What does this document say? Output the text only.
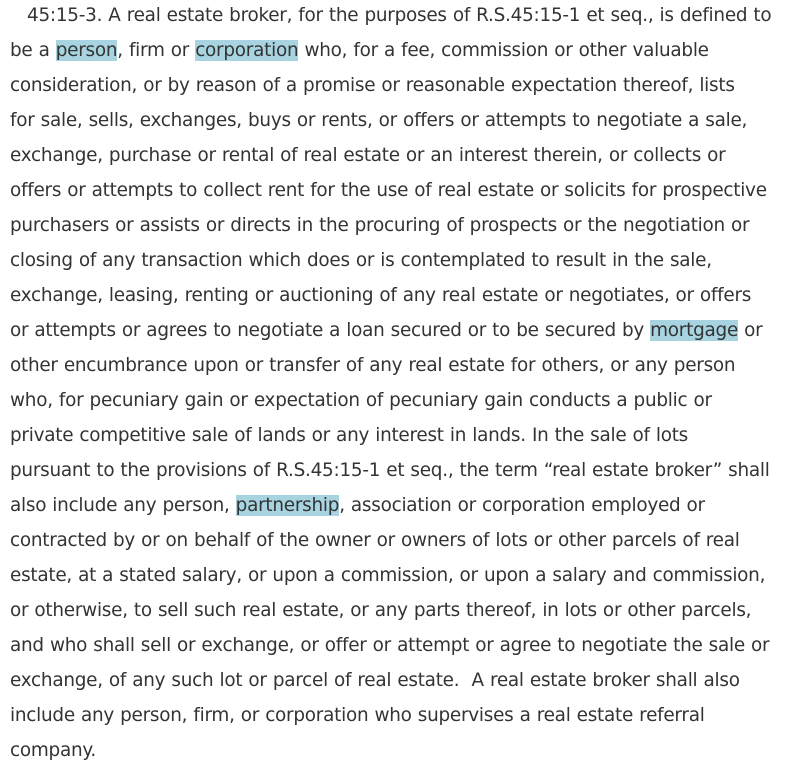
45:15-3. A real estate broker, for the purposes of R.S.45:15-1 et seq., is defined to
be a person, firm or corporation who, for a fee, commission or other valuable
consideration, or by reason of a promise or reasonable expectation thereof, lists
for sale, sells, exchanges, buys or rents, or offers or attempts to negotiate a sale,
exchange, purchase or rental of real estate or an interest therein, or collects or
offers or attempts to collect rent for the use of real estate or solicits for prospective
purchasers or assists or directs in the procuring of prospects or the negotiation or
closing of any transaction which does or is contemplated to result in the sale,
exchange, leasing, renting or auctioning of any real estate or negotiates, or offers
or attempts or agrees to negotiate a loan secured or to be secured by mortgage or
other encumbrance upon or transfer of any real estate for others, or any person
who, for pecuniary gain or expectation of pecuniary gain conducts a public or
private competitive sale of lands or any interest in lands. In the sale of lots
pursuant to the provisions of R.S.45:15-1 et seq., the term “real estate broker” shall
also include any person, partnership, association or corporation employed or
contracted by or on behalf of the owner or owners of lots or other parcels of real
estate, at a stated salary, or upon a commission, or upon a salary and commission,
or otherwise, to sell such real estate, or any parts thereof, in lots or other parcels,
and who shall sell or exchange, or offer or attempt or agree to negotiate the sale or
exchange, of any such lot or parcel of real estate.  A real estate broker shall also
include any person, firm, or corporation who supervises a real estate referral
company.
